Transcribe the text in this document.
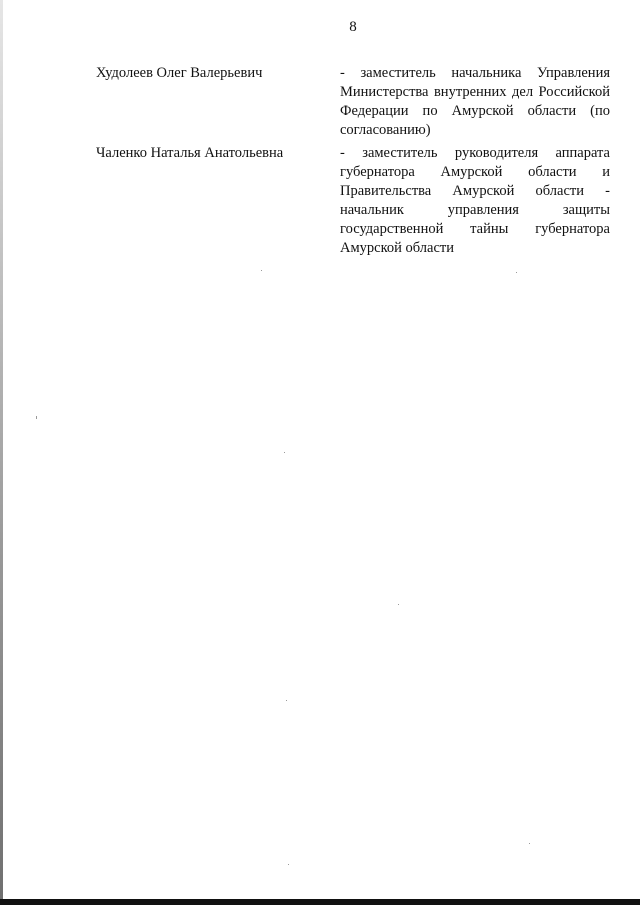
8
Худолеев Олег Валерьевич	- заместитель начальника Управления Министерства внутренних дел Российской Федерации по Амурской области (по согласованию)

Чаленко Наталья Анатольевна	- заместитель руководителя аппарата губернатора Амурской области и Правительства Амурской области - начальник управления защиты государственной тайны губернатора Амурской области
